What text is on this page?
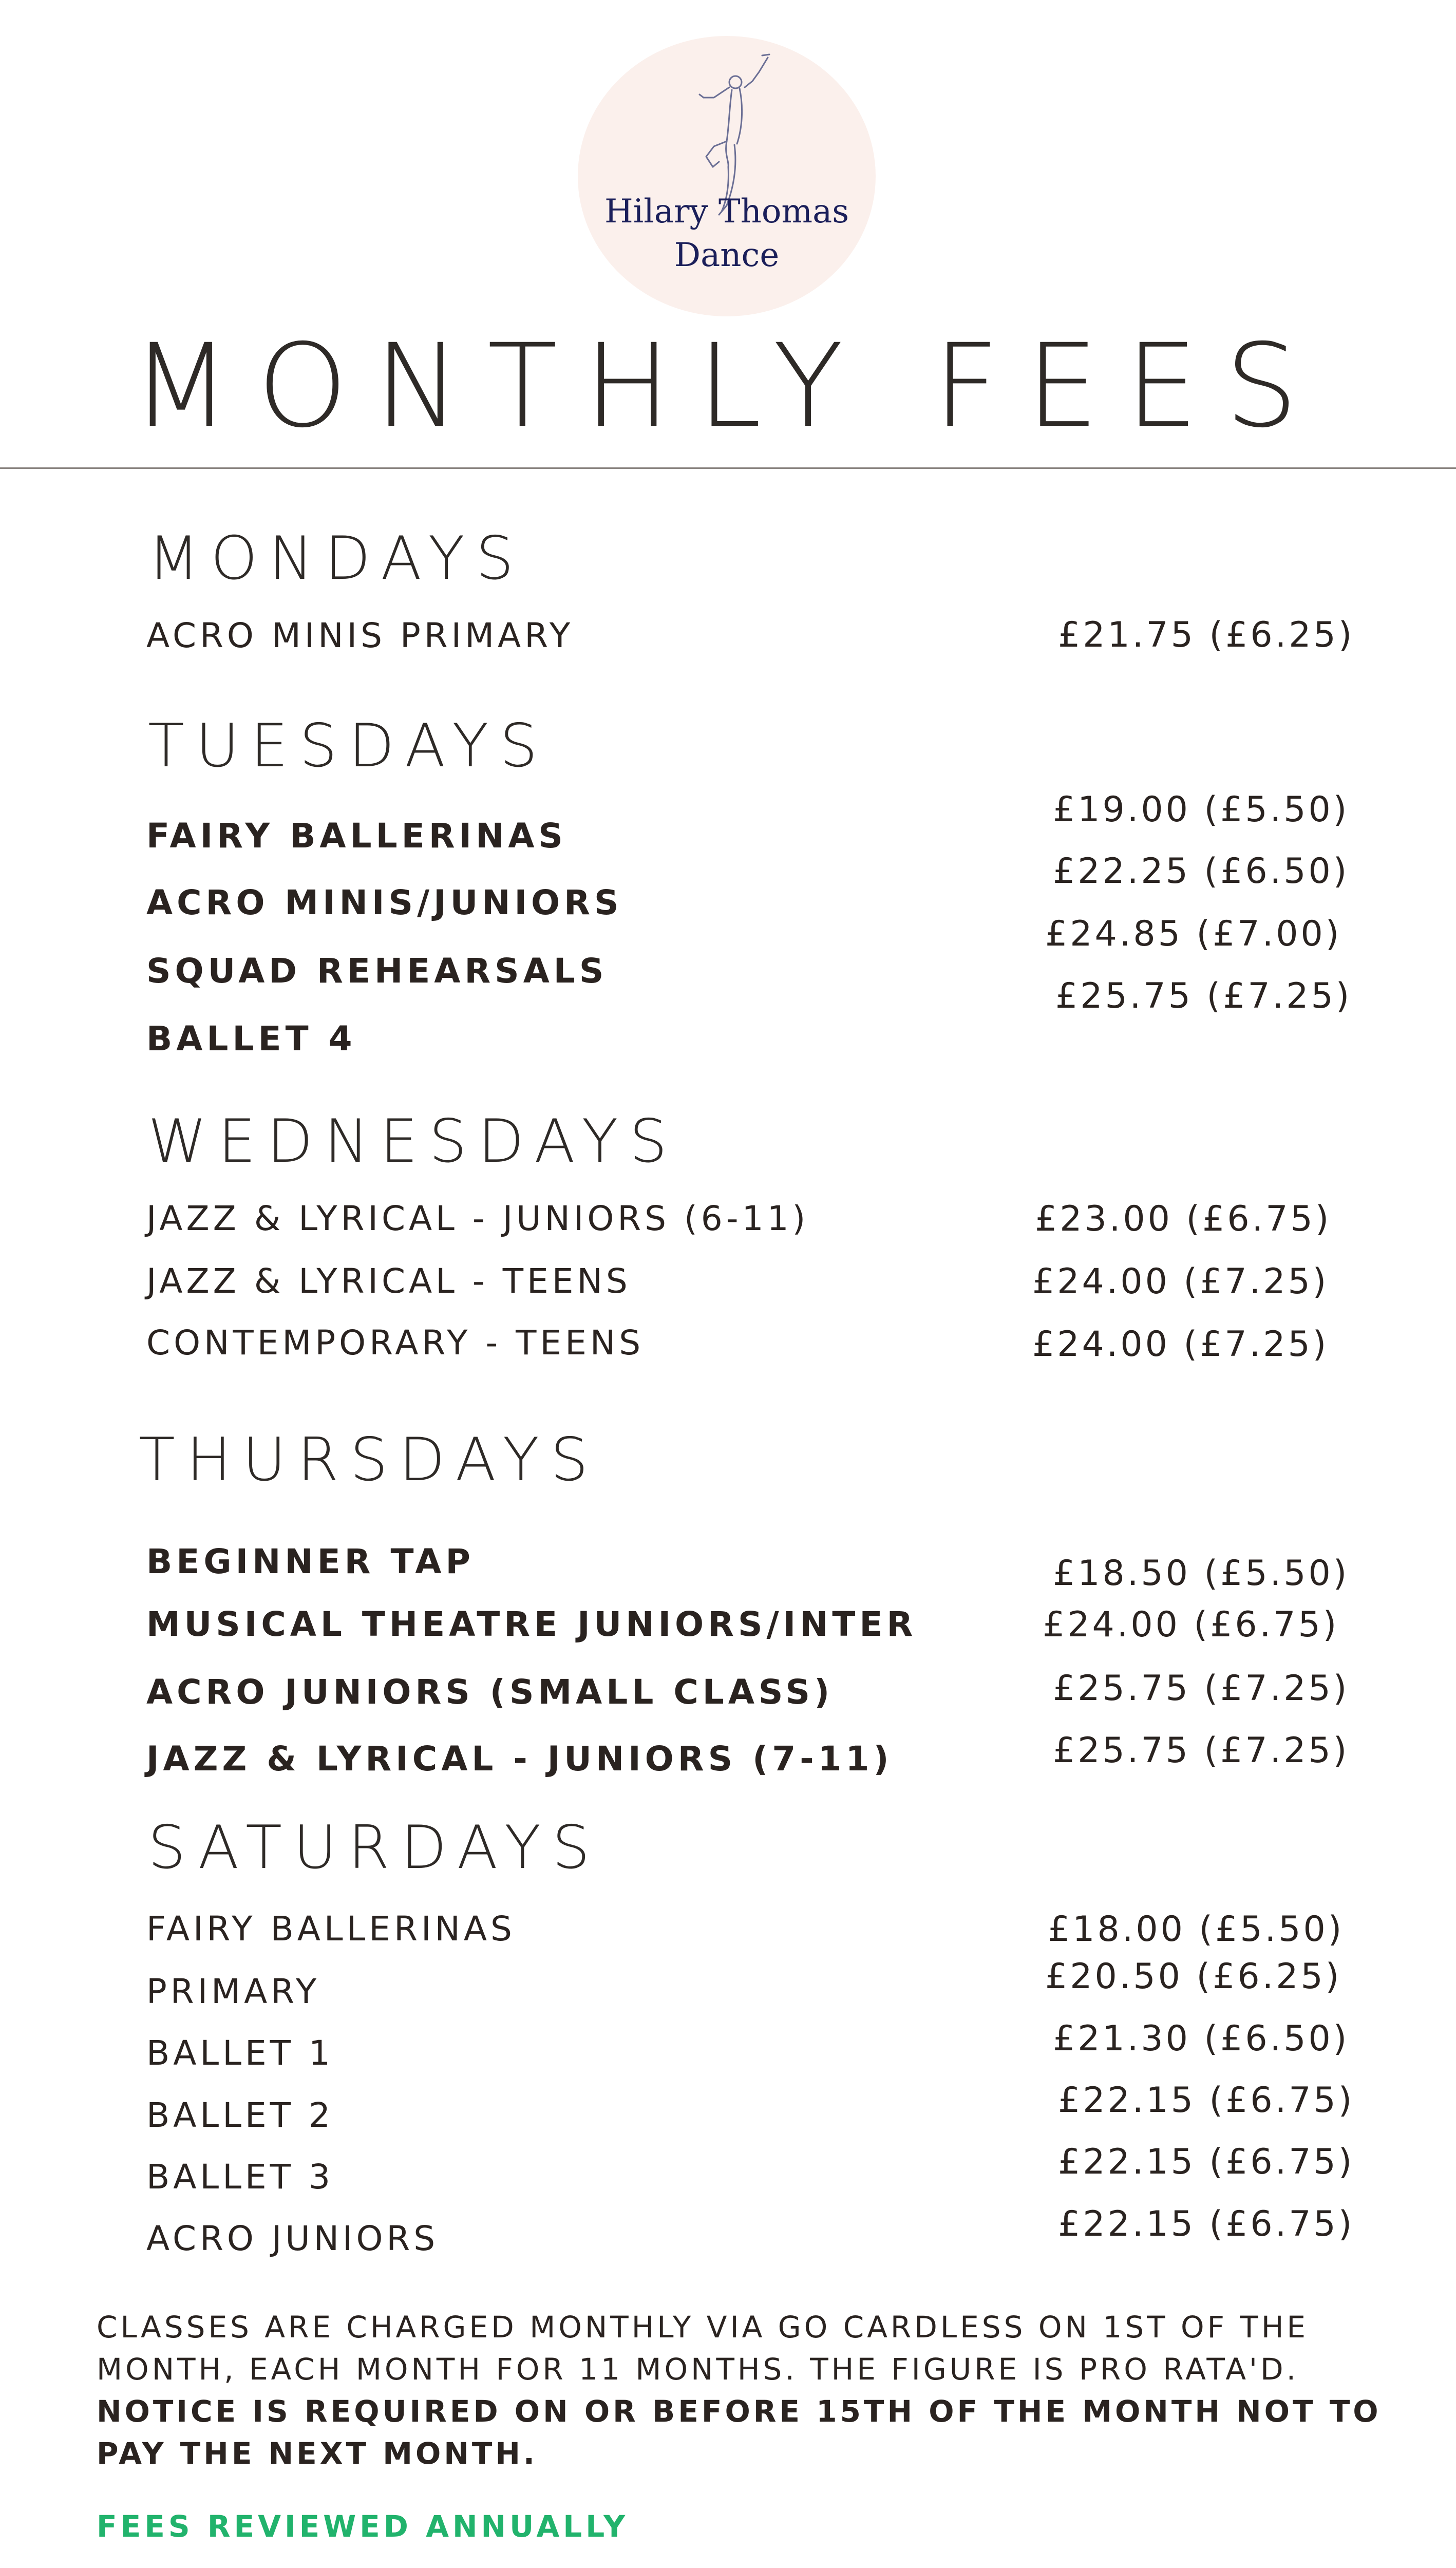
Hilary Thomas
Dance
MONTHLY FEES
MONDAYS
ACRO MINIS PRIMARY	£21.75 (£6.25)
TUESDAYS
FAIRY BALLERINAS
ACRO MINIS/JUNIORS
SQUAD REHEARSALS
BALLET 4
£19.00 (£5.50)
£22.25 (£6.50)
£24.85 (£7.00)
£25.75 (£7.25)
WEDNESDAYS
JAZZ & LYRICAL - JUNIORS (6-11)
JAZZ & LYRICAL - TEENS
CONTEMPORARY - TEENS
£23.00 (£6.75)
£24.00 (£7.25)
£24.00 (£7.25)
THURSDAYS
BEGINNER TAP
MUSICAL THEATRE JUNIORS/INTER
ACRO JUNIORS (SMALL CLASS)
JAZZ & LYRICAL - JUNIORS (7-11)
£18.50 (£5.50)
£24.00 (£6.75)
£25.75 (£7.25)
£25.75 (£7.25)
SATURDAYS
FAIRY BALLERINAS
PRIMARY
BALLET 1
BALLET 2
BALLET 3
ACRO JUNIORS
£18.00 (£5.50)
£20.50 (£6.25)
£21.30 (£6.50)
£22.15 (£6.75)
£22.15 (£6.75)
£22.15 (£6.75)
CLASSES ARE CHARGED MONTHLY VIA GO CARDLESS ON 1ST OF THE MONTH, EACH MONTH FOR 11 MONTHS. THE FIGURE IS PRO RATA'D. NOTICE IS REQUIRED ON OR BEFORE 15TH OF THE MONTH NOT TO PAY THE NEXT MONTH.
FEES REVIEWED ANNUALLY
